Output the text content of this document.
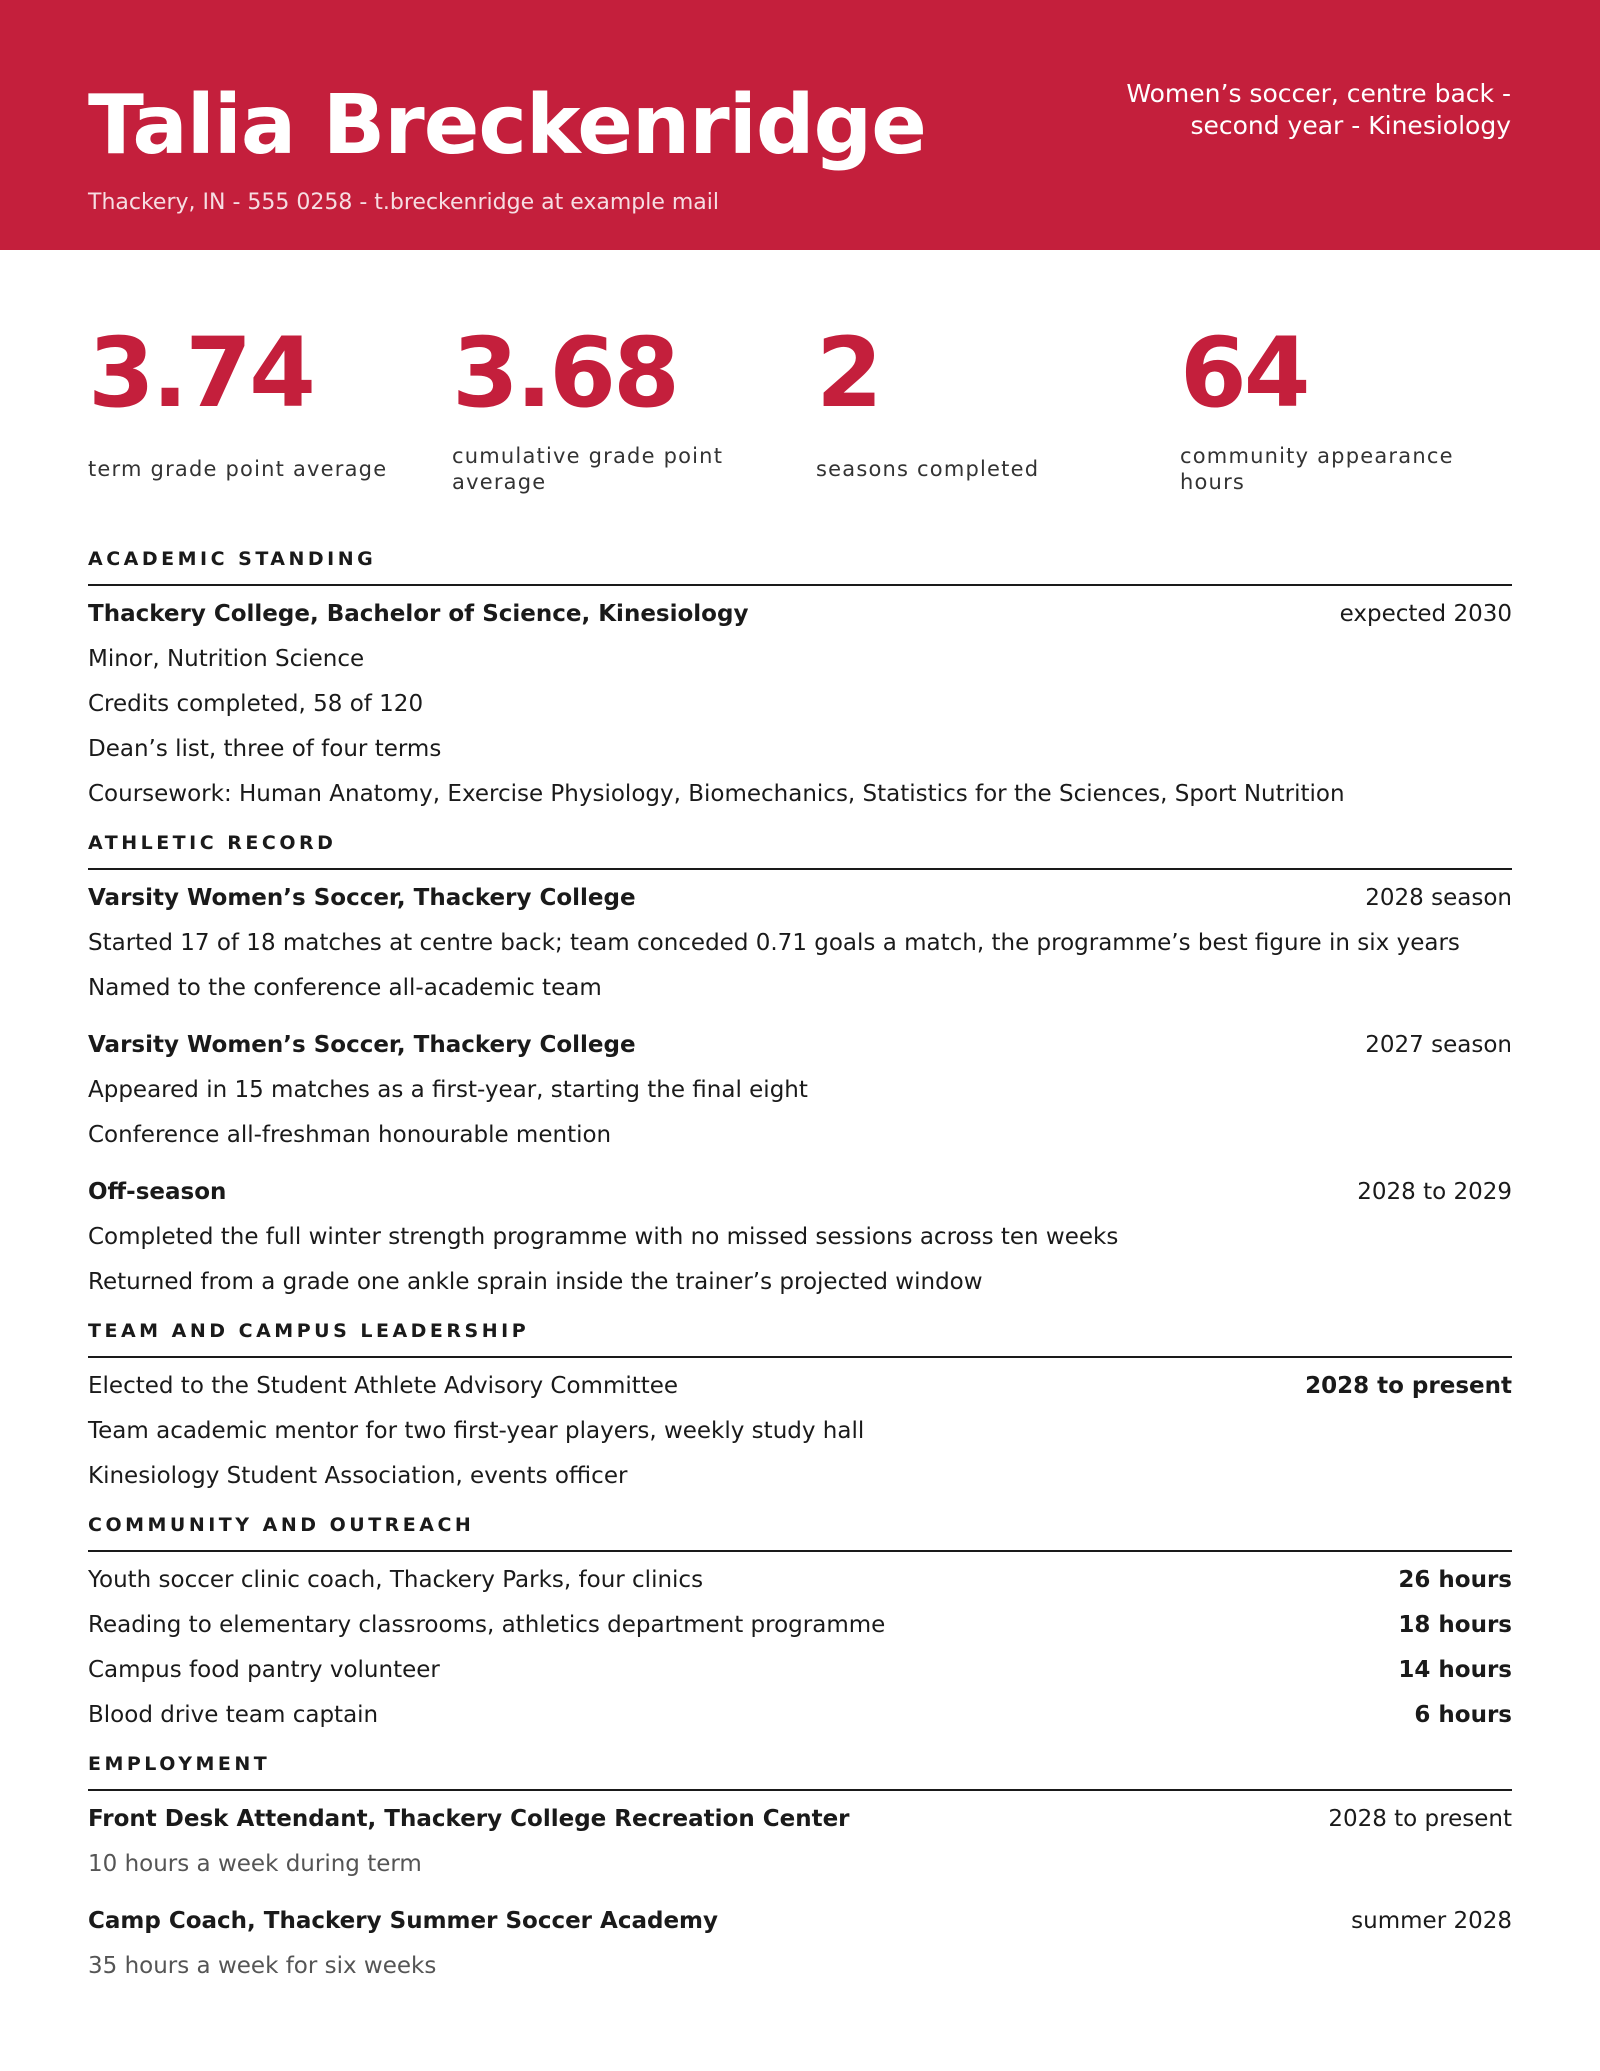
Talia Breckenridge
Thackery, IN - 555 0258 - t.breckenridge at example mail
Women’s soccer, centre back -
second year - Kinesiology
3.74
term grade point average
3.68
cumulative grade point
average
2
seasons completed
64
community appearance
hours
ACADEMIC STANDING
Thackery College, Bachelor of Science, Kinesiology	expected 2030
Minor, Nutrition Science
Credits completed, 58 of 120
Dean’s list, three of four terms
Coursework: Human Anatomy, Exercise Physiology, Biomechanics, Statistics for the Sciences, Sport Nutrition
ATHLETIC RECORD
Varsity Women’s Soccer, Thackery College	2028 season
Started 17 of 18 matches at centre back; team conceded 0.71 goals a match, the programme’s best figure in six years
Named to the conference all-academic team
Varsity Women’s Soccer, Thackery College	2027 season
Appeared in 15 matches as a first-year, starting the final eight
Conference all-freshman honourable mention
Off-season	2028 to 2029
Completed the full winter strength programme with no missed sessions across ten weeks
Returned from a grade one ankle sprain inside the trainer’s projected window
TEAM AND CAMPUS LEADERSHIP
Elected to the Student Athlete Advisory Committee	2028 to present
Team academic mentor for two first-year players, weekly study hall
Kinesiology Student Association, events officer
COMMUNITY AND OUTREACH
Youth soccer clinic coach, Thackery Parks, four clinics	26 hours
Reading to elementary classrooms, athletics department programme	18 hours
Campus food pantry volunteer	14 hours
Blood drive team captain	6 hours
EMPLOYMENT
Front Desk Attendant, Thackery College Recreation Center	2028 to present
10 hours a week during term
Camp Coach, Thackery Summer Soccer Academy	summer 2028
35 hours a week for six weeks
